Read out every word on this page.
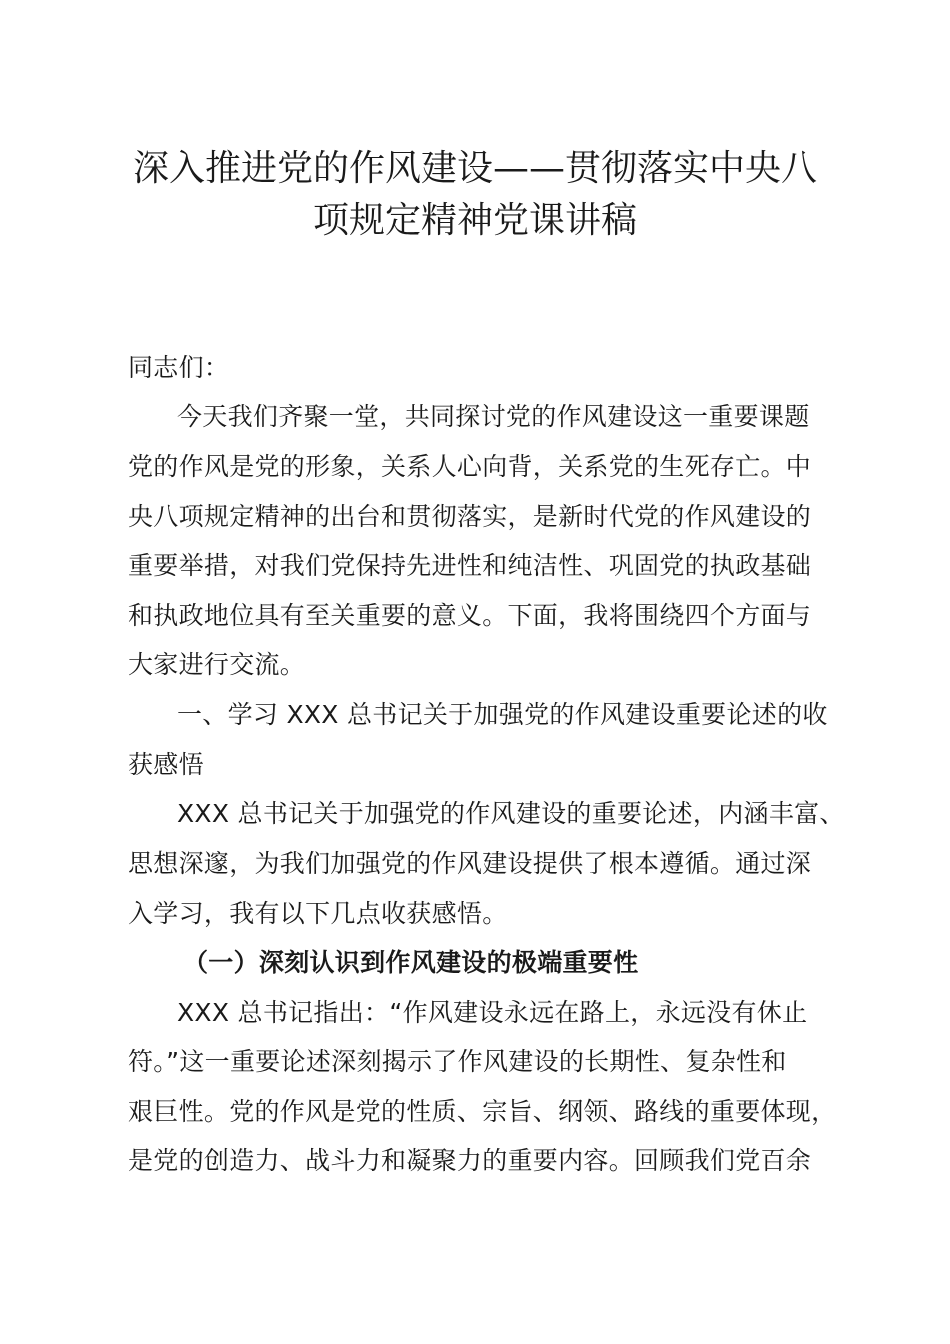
深入推进党的作风建设——贯彻落实中央八
项规定精神党课讲稿
同志们：
今天我们齐聚一堂，共同探讨党的作风建设这一重要课题
党的作风是党的形象，关系人心向背，关系党的生死存亡。中
央八项规定精神的出台和贯彻落实，是新时代党的作风建设的
重要举措，对我们党保持先进性和纯洁性、巩固党的执政基础
和执政地位具有至关重要的意义。下面，我将围绕四个方面与
大家进行交流。
一、学习 XXX 总书记关于加强党的作风建设重要论述的收
获感悟
XXX 总书记关于加强党的作风建设的重要论述，内涵丰富、
思想深邃，为我们加强党的作风建设提供了根本遵循。通过深
入学习，我有以下几点收获感悟。
（一）深刻认识到作风建设的极端重要性
XXX 总书记指出：“作风建设永远在路上，永远没有休止
符。”这一重要论述深刻揭示了作风建设的长期性、复杂性和
艰巨性。党的作风是党的性质、宗旨、纲领、路线的重要体现，
是党的创造力、战斗力和凝聚力的重要内容。回顾我们党百余
